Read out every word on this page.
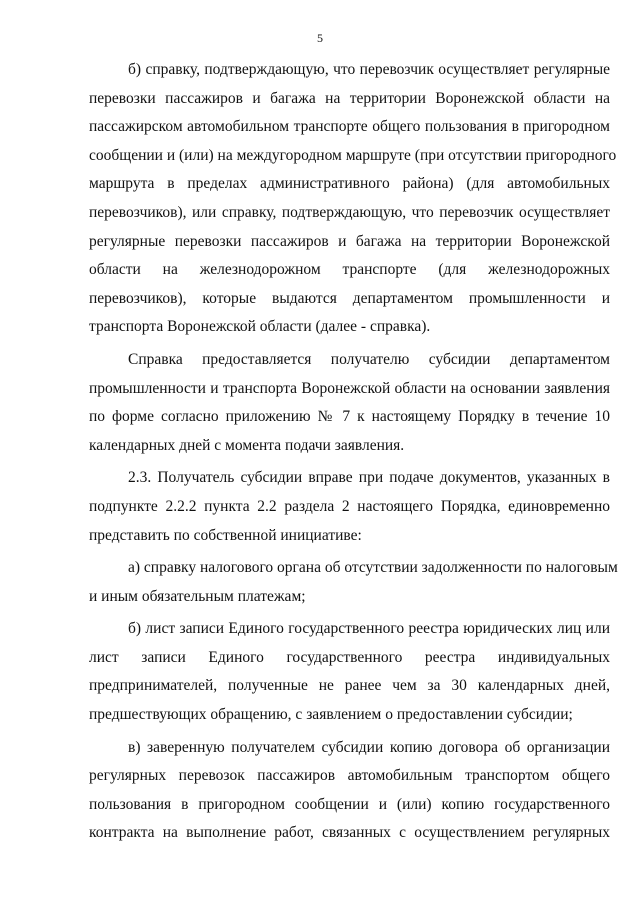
5
б) справку, подтверждающую, что перевозчик осуществляет регулярные
перевозки пассажиров и багажа на территории Воронежской области на
пассажирском автомобильном транспорте общего пользования в пригородном
сообщении и (или) на междугородном маршруте (при отсутствии пригородного
маршрута в пределах административного района) (для автомобильных
перевозчиков), или справку, подтверждающую, что перевозчик осуществляет
регулярные перевозки пассажиров и багажа на территории Воронежской
области на железнодорожном транспорте (для железнодорожных
перевозчиков), которые выдаются департаментом промышленности и
транспорта Воронежской области (далее - справка).
Справка предоставляется получателю субсидии департаментом
промышленности и транспорта Воронежской области на основании заявления
по форме согласно приложению № 7 к настоящему Порядку в течение 10
календарных дней с момента подачи заявления.
2.3. Получатель субсидии вправе при подаче документов, указанных в
подпункте 2.2.2 пункта 2.2 раздела 2 настоящего Порядка, единовременно
представить по собственной инициативе:
а) справку налогового органа об отсутствии задолженности по налоговым
и иным обязательным платежам;
б) лист записи Единого государственного реестра юридических лиц или
лист записи Единого государственного реестра индивидуальных
предпринимателей, полученные не ранее чем за 30 календарных дней,
предшествующих обращению, с заявлением о предоставлении субсидии;
в) заверенную получателем субсидии копию договора об организации
регулярных перевозок пассажиров автомобильным транспортом общего
пользования в пригородном сообщении и (или) копию государственного
контракта на выполнение работ, связанных с осуществлением регулярных
